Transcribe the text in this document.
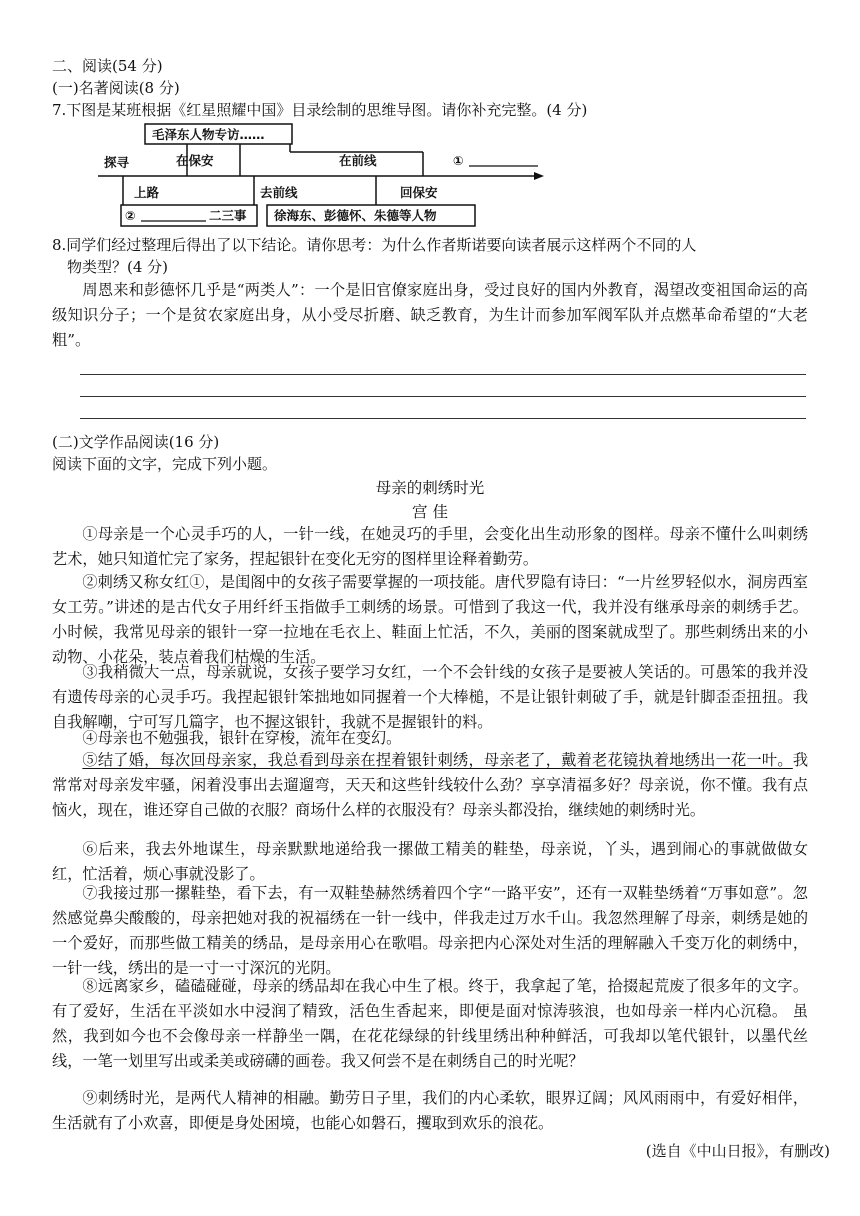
二、阅读(54 分)
(一)名著阅读(8 分)
7.下图是某班根据《红星照耀中国》目录绘制的思维导图。请你补充完整。(4 分)
毛泽东人物专访……
探寻	在保安	在前线	①
上路	去前线	回保安
②	二三事 徐海东、彭德怀、朱德等人物
8.同学们经过整理后得出了以下结论。请你思考：为什么作者斯诺要向读者展示这样两个不同的人
物类型？(4 分)
周恩来和彭德怀几乎是“两类人”：一个是旧官僚家庭出身，受过良好的国内外教育，渴望改变祖国命运的高级知识分子；一个是贫农家庭出身，从小受尽折磨、缺乏教育，为生计而参加军阀军队并点燃革命希望的“大老粗”。
(二)文学作品阅读(16 分)
阅读下面的文字，完成下列小题。
母亲的刺绣时光
宫 佳
①母亲是一个心灵手巧的人，一针一线，在她灵巧的手里，会变化出生动形象的图样。母亲不懂什么叫刺绣艺术，她只知道忙完了家务，捏起银针在变化无穷的图样里诠释着勤劳。
②刺绣又称女红①，是闺阁中的女孩子需要掌握的一项技能。唐代罗隐有诗曰：“一片丝罗轻似水，洞房西室女工劳。”讲述的是古代女子用纤纤玉指做手工刺绣的场景。可惜到了我这一代，我并没有继承母亲的刺绣手艺。小时候，我常见母亲的银针一穿一拉地在毛衣上、鞋面上忙活，不久，美丽的图案就成型了。那些刺绣出来的小动物、小花朵，装点着我们枯燥的生活。
③我稍微大一点，母亲就说，女孩子要学习女红，一个不会针线的女孩子是要被人笑话的。可愚笨的我并没有遗传母亲的心灵手巧。我捏起银针笨拙地如同握着一个大棒槌，不是让银针刺破了手，就是针脚歪歪扭扭。我自我解嘲，宁可写几篇字，也不握这银针，我就不是握银针的料。
④母亲也不勉强我，银针在穿梭，流年在变幻。
⑤结了婚，每次回母亲家，我总看到母亲在捏着银针刺绣，母亲老了，戴着老花镜执着地绣出一花一叶。我常常对母亲发牢骚，闲着没事出去遛遛弯，天天和这些针线较什么劲？享享清福多好？母亲说，你不懂。我有点恼火，现在，谁还穿自己做的衣服？商场什么样的衣服没有？母亲头都没抬，继续她的刺绣时光。
⑥后来，我去外地谋生，母亲默默地递给我一摞做工精美的鞋垫，母亲说，丫头，遇到闹心的事就做做女红，忙活着，烦心事就没影了。
⑦我接过那一摞鞋垫，看下去，有一双鞋垫赫然绣着四个字“一路平安”，还有一双鞋垫绣着“万事如意”。忽然感觉鼻尖酸酸的，母亲把她对我的祝福绣在一针一线中，伴我走过万水千山。我忽然理解了母亲，刺绣是她的一个爱好，而那些做工精美的绣品，是母亲用心在歌唱。母亲把内心深处对生活的理解融入千变万化的刺绣中，一针一线，绣出的是一寸一寸深沉的光阴。
⑧远离家乡，磕磕碰碰，母亲的绣品却在我心中生了根。终于，我拿起了笔，拾掇起荒废了很多年的文字。有了爱好，生活在平淡如水中浸润了精致，活色生香起来，即便是面对惊涛骇浪，也如母亲一样内心沉稳。 虽然，我到如今也不会像母亲一样静坐一隅，在花花绿绿的针线里绣出种种鲜活，可我却以笔代银针，以墨代丝线，一笔一划里写出或柔美或磅礴的画卷。我又何尝不是在刺绣自己的时光呢？
⑨刺绣时光，是两代人精神的相融。勤劳日子里，我们的内心柔软，眼界辽阔；风风雨雨中，有爱好相伴，生活就有了小欢喜，即便是身处困境，也能心如磐石，攫取到欢乐的浪花。
(选自《中山日报》，有删改)
